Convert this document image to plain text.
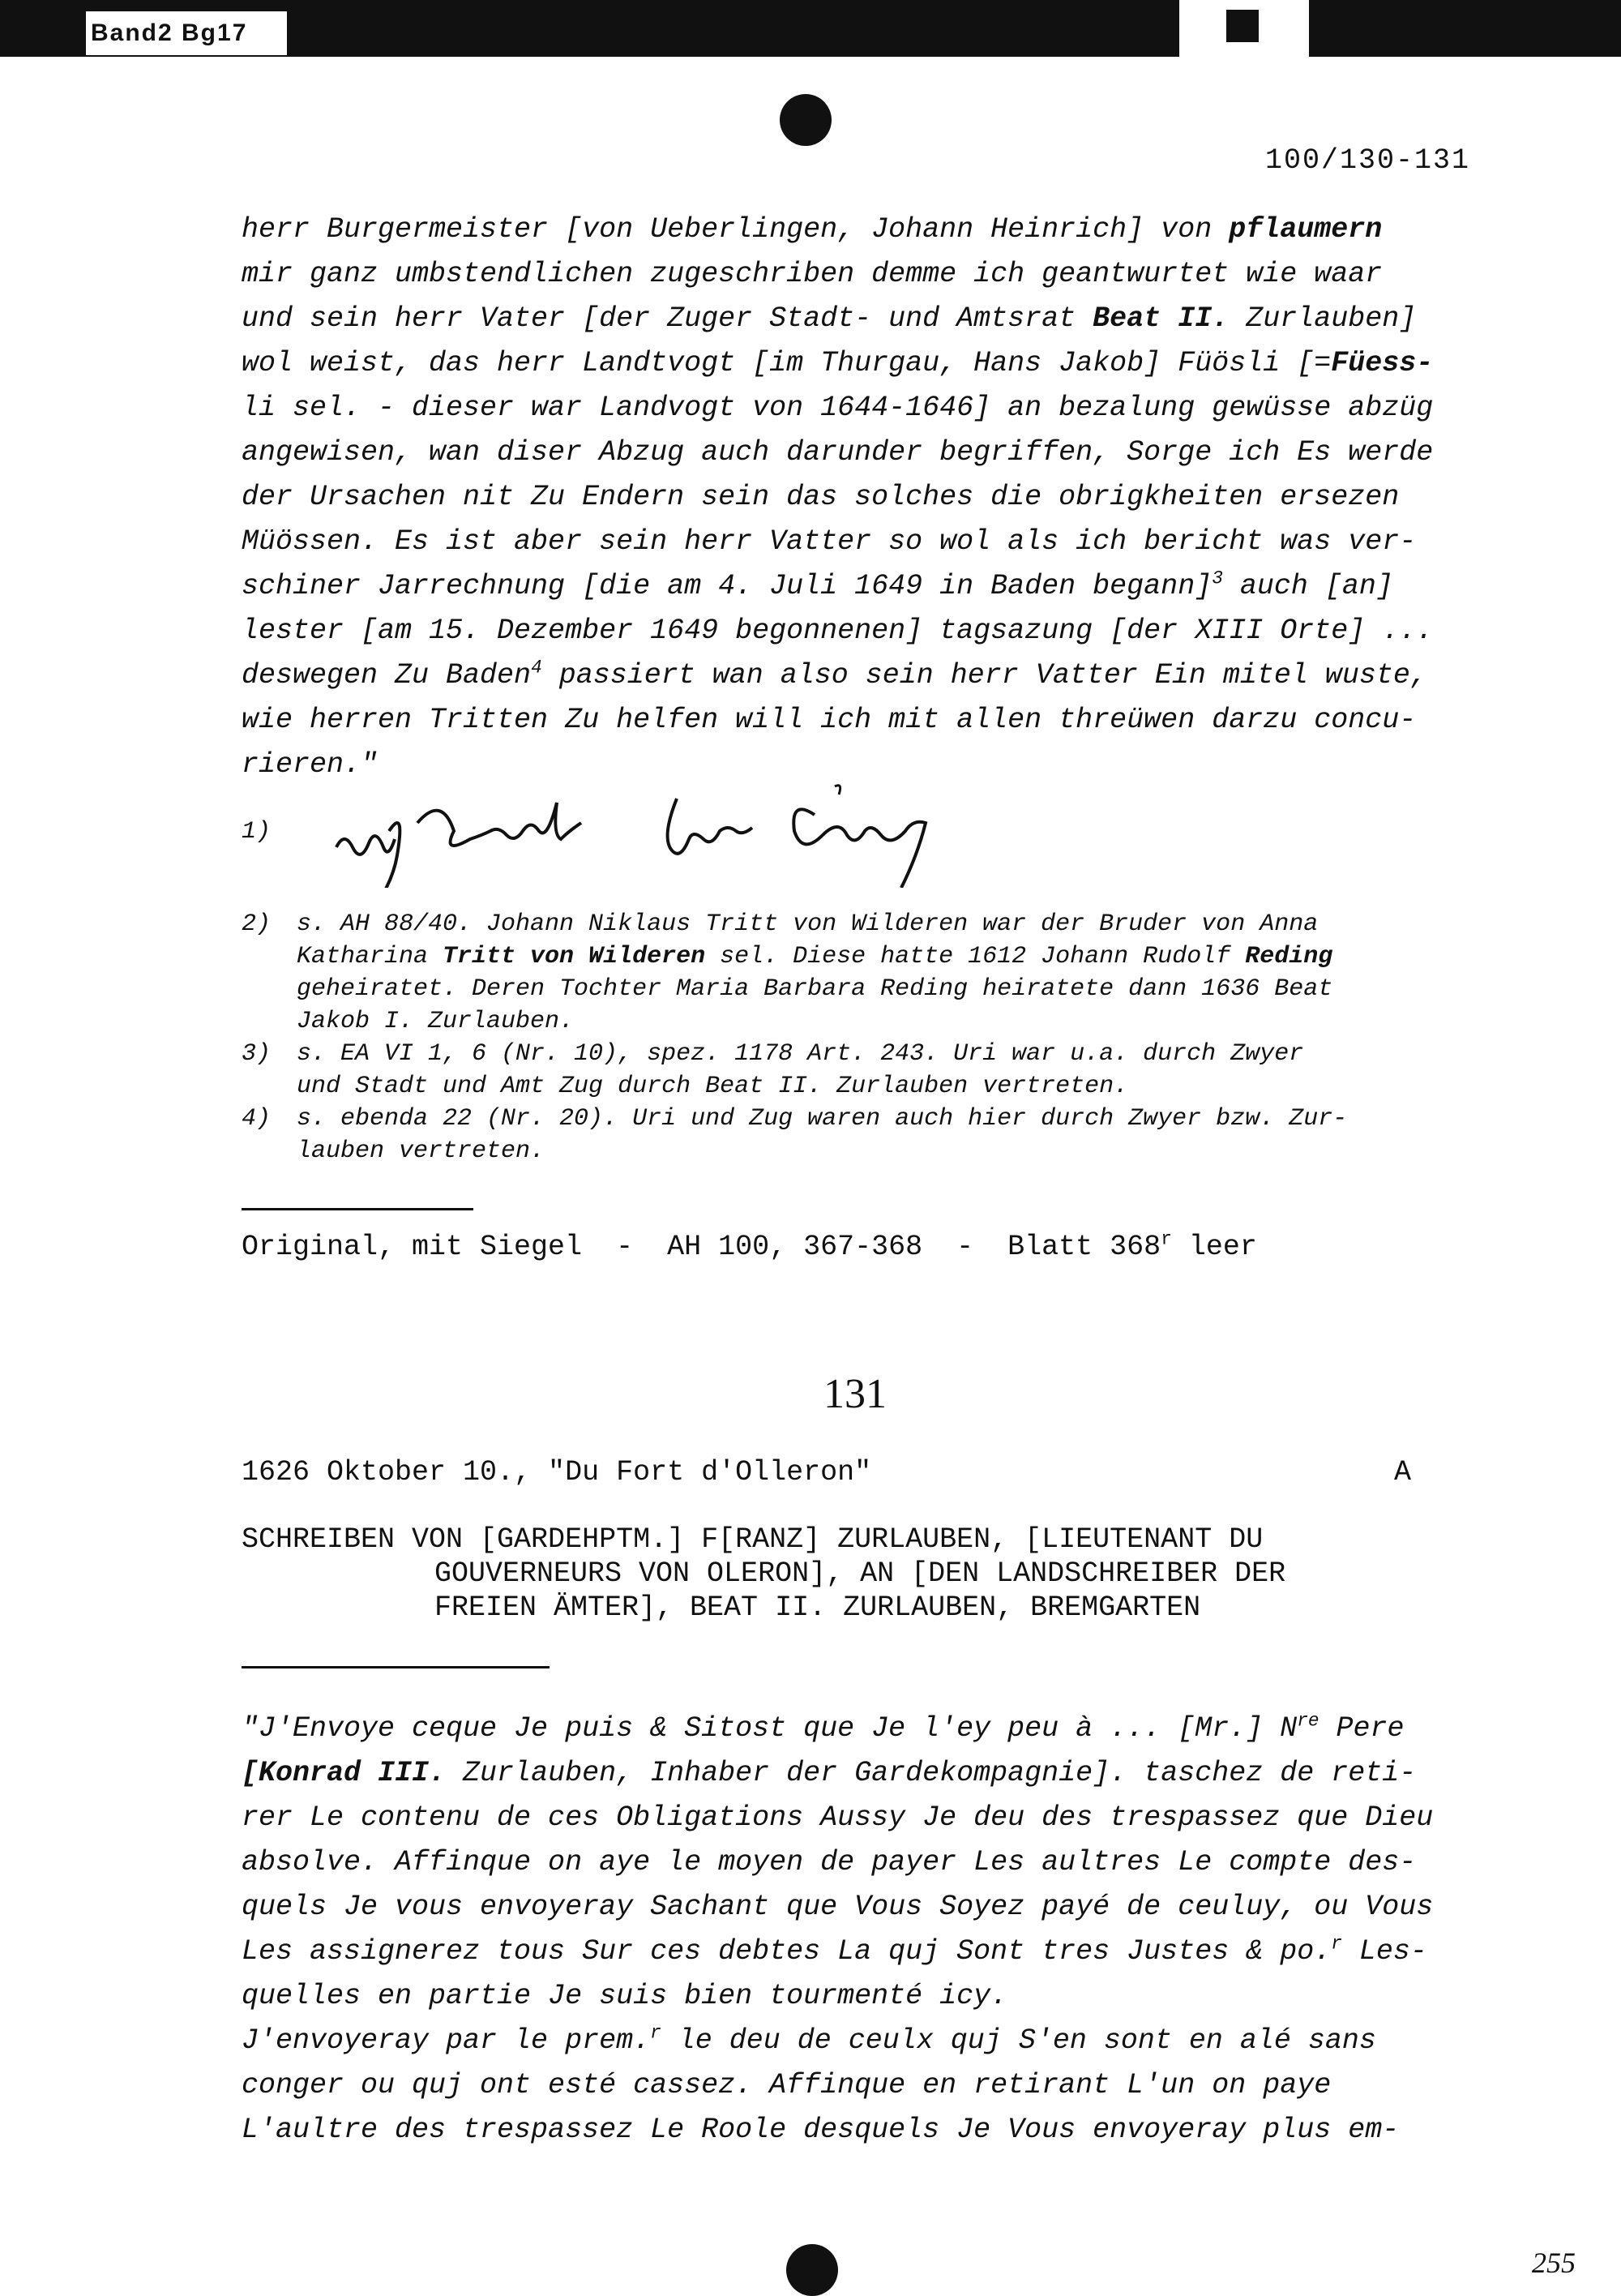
Band2 Bg17
100/130-131
herr Burgermeister [von Ueberlingen, Johann Heinrich] von pflaumern
mir ganz umbstendlichen zugeschriben demme ich geantwurtet wie waar
und sein herr Vater [der Zuger Stadt- und Amtsrat Beat II. Zurlauben]
wol weist, das herr Landtvogt [im Thurgau, Hans Jakob] Füösli [=Füess-
li sel. - dieser war Landvogt von 1644-1646] an bezalung gewüsse abzüg
angewisen, wan diser Abzug auch darunder begriffen, Sorge ich Es werde
der Ursachen nit Zu Endern sein das solches die obrigkheiten ersezen
Müössen. Es ist aber sein herr Vatter so wol als ich bericht was ver-
schiner Jarrechnung [die am 4. Juli 1649 in Baden begann]$^3$ auch [an]
lester [am 15. Dezember 1649 begonnenen] tagsazung [der XIII Orte] ...
deswegen Zu Baden$^4$ passiert wan also sein herr Vatter Ein mitel wuste,
wie herren Tritten Zu helfen will ich mit allen threüwen darzu concu-
rieren."
1)
2) s. AH 88/40. Johann Niklaus Tritt von Wilderen war der Bruder von Anna
Katharina Tritt von Wilderen sel. Diese hatte 1612 Johann Rudolf Reding
geheiratet. Deren Tochter Maria Barbara Reding heiratete dann 1636 Beat
Jakob I. Zurlauben.
3) s. EA VI 1, 6 (Nr. 10), spez. 1178 Art. 243. Uri war u.a. durch Zwyer
und Stadt und Amt Zug durch Beat II. Zurlauben vertreten.
4) s. ebenda 22 (Nr. 20). Uri und Zug waren auch hier durch Zwyer bzw. Zur-
lauben vertreten.
Original, mit Siegel  -  AH 100, 367-368  -  Blatt 368$^r$ leer
131
1626 Oktober 10., "Du Fort d'Olleron"	A
SCHREIBEN VON [GARDEHPTM.] F[RANZ] ZURLAUBEN, [LIEUTENANT DU
GOUVERNEURS VON OLERON], AN [DEN LANDSCHREIBER DER
FREIEN ÄMTER], BEAT II. ZURLAUBEN, BREMGARTEN
"J'Envoye ceque Je puis & Sitost que Je l'ey peu à ... [Mr.] $N^{re}$ Pere
[Konrad III. Zurlauben, Inhaber der Gardekompagnie]. taschez de reti-
rer Le contenu de ces Obligations Aussy Je deu des trespassez que Dieu
absolve. Affinque on aye le moyen de payer Les aultres Le compte des-
quels Je vous envoyeray Sachant que Vous Soyez payé de ceuluy, ou Vous
Les assignerez tous Sur ces debtes La quj Sont tres Justes & po.$^r$ Les-
quelles en partie Je suis bien tourmenté icy.
J'envoyeray par le prem.$^r$ le deu de ceulx quj S'en sont en alé sans
conger ou quj ont esté cassez. Affinque en retirant L'un on paye
L'aultre des trespassez Le Roole desquels Je Vous envoyeray plus em-
255
